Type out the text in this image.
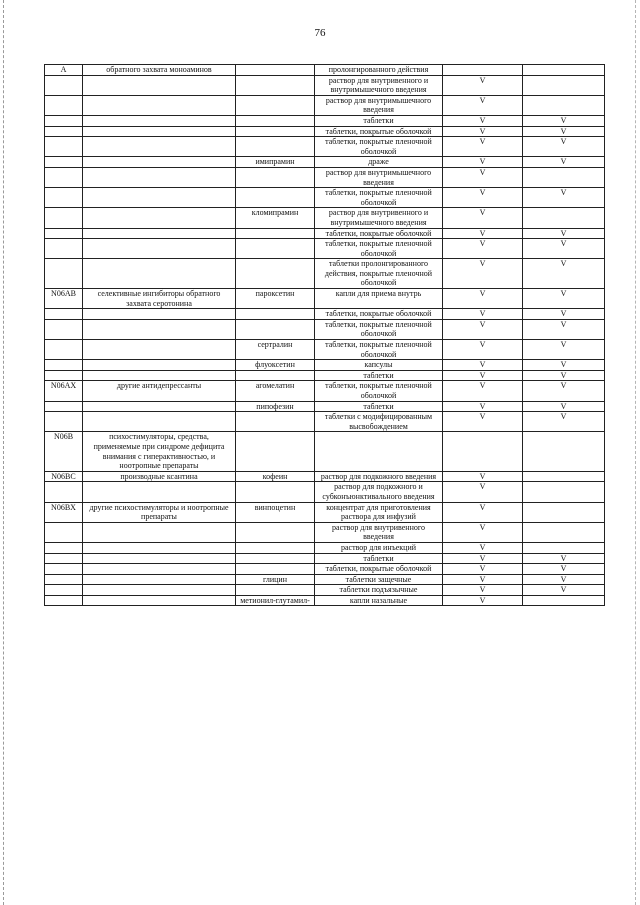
76
A	обратного захвата моноаминов		пролонгированного действия		
			раствор для внутривенного и внутримышечного введения	V	
			раствор для внутримышечного введения	V	
			таблетки	V	V
			таблетки, покрытые оболочкой	V	V
			таблетки, покрытые пленочной оболочкой	V	V
		имипрамин	драже	V	V
			раствор для внутримышечного введения	V	
			таблетки, покрытые пленочной оболочкой	V	V
		кломипрамин	раствор для внутривенного и внутримышечного введения	V	
			таблетки, покрытые оболочкой	V	V
			таблетки, покрытые пленочной оболочкой	V	V
			таблетки пролонгированного действия, покрытые пленочной оболочкой	V	V
N06AB	селективные ингибиторы обратного захвата серотонина	пароксетин	капли для приема внутрь	V	V
			таблетки, покрытые оболочкой	V	V
			таблетки, покрытые пленочной оболочкой	V	V
		сертралин	таблетки, покрытые пленочной оболочкой	V	V
		флуоксетин	капсулы	V	V
			таблетки	V	V
N06AX	другие антидепрессанты	агомелатин	таблетки, покрытые пленочной оболочкой	V	V
		пипофезин	таблетки	V	V
			таблетки с модифицированным высвобождением	V	V
N06B	психостимуляторы, средства, применяемые при синдроме дефицита внимания с гиперактивностью, и ноотропные препараты				
N06BC	производные ксантина	кофеин	раствор для подкожного введения	V	
			раствор для подкожного и субконъюнктивального введения	V	
N06BX	другие психостимуляторы и ноотропные препараты	винпоцетин	концентрат для приготовления раствора для инфузий	V	
			раствор для внутривенного введения	V	
			раствор для инъекций	V	
			таблетки	V	V
			таблетки, покрытые оболочкой	V	V
		глицин	таблетки защечные	V	V
			таблетки подъязычные	V	V
		метионил-глутамил-	капли назальные	V	
